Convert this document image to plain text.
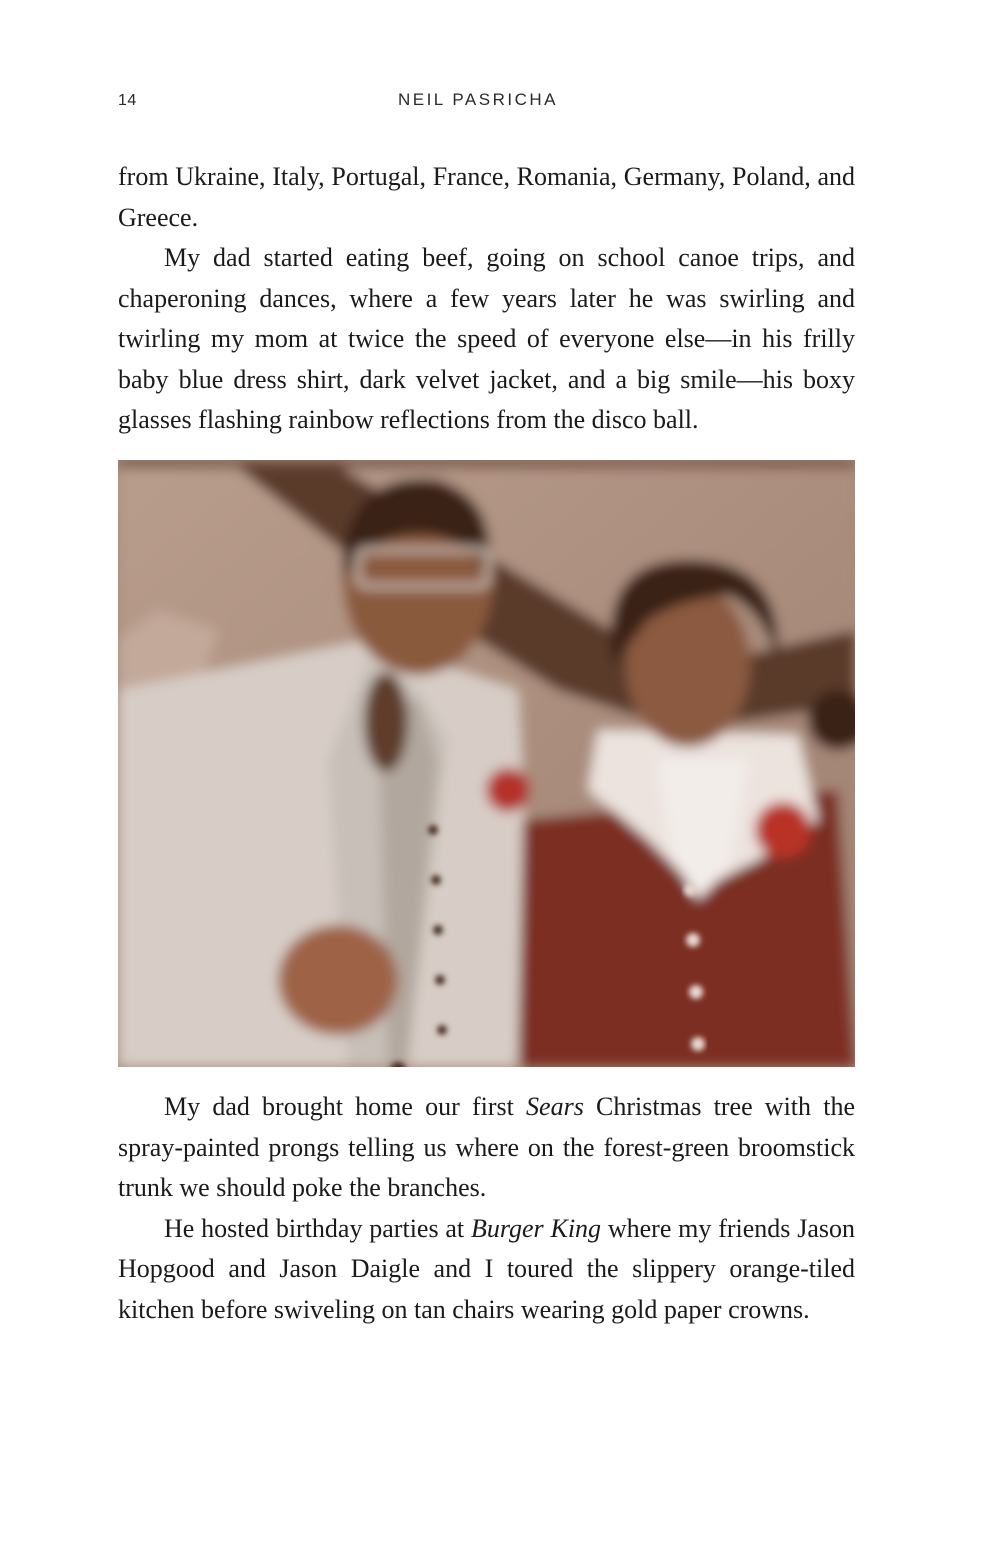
14	NEIL PASRICHA

from Ukraine, Italy, Portugal, France, Romania, Germany, Poland, and Greece.

My dad started eating beef, going on school canoe trips, and chaperoning dances, where a few years later he was swirling and twirling my mom at twice the speed of everyone else—in his frilly baby blue dress shirt, dark velvet jacket, and a big smile—his boxy glasses flashing rainbow reflections from the disco ball.

My dad brought home our first Sears Christmas tree with the spray-painted prongs telling us where on the forest-green broomstick trunk we should poke the branches.

He hosted birthday parties at Burger King where my friends Jason Hopgood and Jason Daigle and I toured the slippery orange-tiled kitchen before swiveling on tan chairs wearing gold paper crowns.
